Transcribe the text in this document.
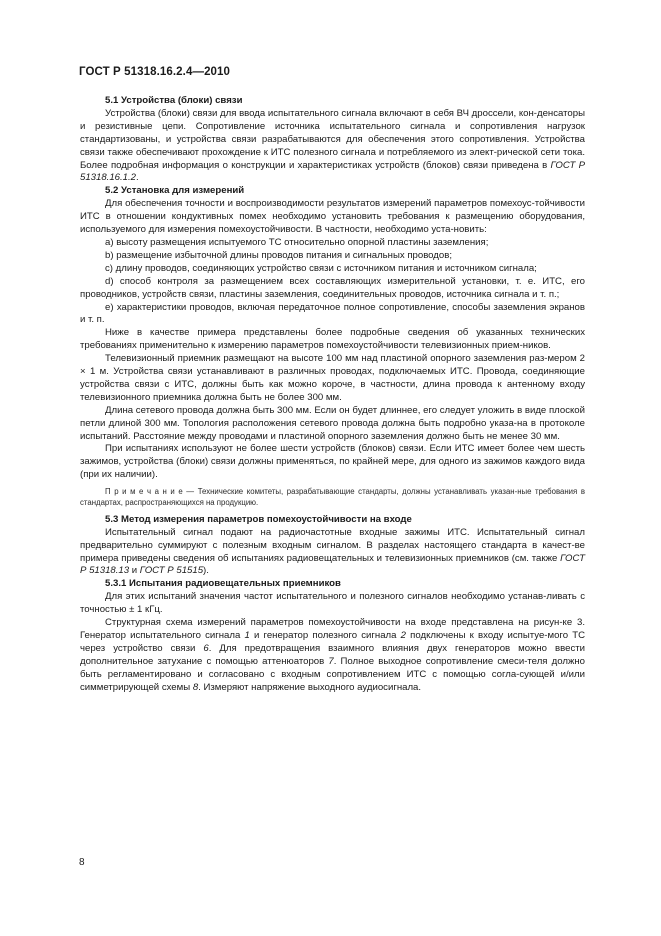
ГОСТ Р 51318.16.2.4—2010
5.1 Устройства (блоки) связи

Устройства (блоки) связи для ввода испытательного сигнала включают в себя ВЧ дроссели, кон-денсаторы и резистивные цепи. Сопротивление источника испытательного сигнала и сопротивления нагрузок стандартизованы, и устройства связи разрабатываются для обеспечения этого сопротивления. Устройства связи также обеспечивают прохождение к ИТС полезного сигнала и потребляемого из элект-рической сети тока. Более подробная информация о конструкции и характеристиках устройств (блоков) связи приведена в ГОСТ Р 51318.16.1.2.

5.2 Установка для измерений

Для обеспечения точности и воспроизводимости результатов измерений параметров помехоус-тойчивости ИТС в отношении кондуктивных помех необходимо установить требования к размещению оборудования, используемого для измерения помехоустойчивости. В частности, необходимо уста-новить:

a) высоту размещения испытуемого ТС относительно опорной пластины заземления;

b) размещение избыточной длины проводов питания и сигнальных проводов;

c) длину проводов, соединяющих устройство связи с источником питания и источником сигнала;

d) способ контроля за размещением всех составляющих измерительной установки, т. е. ИТС, его проводников, устройств связи, пластины заземления, соединительных проводов, источника сигнала и т. п.;

e) характеристики проводов, включая передаточное полное сопротивление, способы заземления экранов и т. п.

Ниже в качестве примера представлены более подробные сведения об указанных технических требованиях применительно к измерению параметров помехоустойчивости телевизионных прием-ников.

Телевизионный приемник размещают на высоте 100 мм над пластиной опорного заземления раз-мером 2 × 1 м. Устройства связи устанавливают в различных проводах, подключаемых ИТС. Провода, соединяющие устройства связи с ИТС, должны быть как можно короче, в частности, длина провода к антенному входу телевизионного приемника должна быть не более 300 мм.

Длина сетевого провода должна быть 300 мм. Если он будет длиннее, его следует уложить в виде плоской петли длиной 300 мм. Топология расположения сетевого провода должна быть подробно указа-на в протоколе испытаний. Расстояние между проводами и пластиной опорного заземления должно быть не менее 30 мм.

При испытаниях используют не более шести устройств (блоков) связи. Если ИТС имеет более чем шесть зажимов, устройства (блоки) связи должны применяться, по крайней мере, для одного из зажимов каждого вида (при их наличии).

П р и м е ч а н и е — Технические комитеты, разрабатывающие стандарты, должны устанавливать указан-ные требования в стандартах, распространяющихся на продукцию.

5.3 Метод измерения параметров помехоустойчивости на входе

Испытательный сигнал подают на радиочастотные входные зажимы ИТС. Испытательный сигнал предварительно суммируют с полезным входным сигналом. В разделах настоящего стандарта в качест-ве примера приведены сведения об испытаниях радиовещательных и телевизионных приемников (см. также ГОСТ Р 51318.13 и ГОСТ Р 51515).

5.3.1 Испытания радиовещательных приемников

Для этих испытаний значения частот испытательного и полезного сигналов необходимо устанав-ливать с точностью ± 1 кГц.

Структурная схема измерений параметров помехоустойчивости на входе представлена на рисун-ке 3. Генератор испытательного сигнала 1 и генератор полезного сигнала 2 подключены к входу испытуе-мого ТС через устройство связи 6. Для предотвращения взаимного влияния двух генераторов можно ввести дополнительное затухание с помощью аттенюаторов 7. Полное выходное сопротивление смеси-теля должно быть регламентировано и согласовано с входным сопротивлением ИТС с помощью согла-сующей и/или симметрирующей схемы 8. Измеряют напряжение выходного аудиосигнала.

8
